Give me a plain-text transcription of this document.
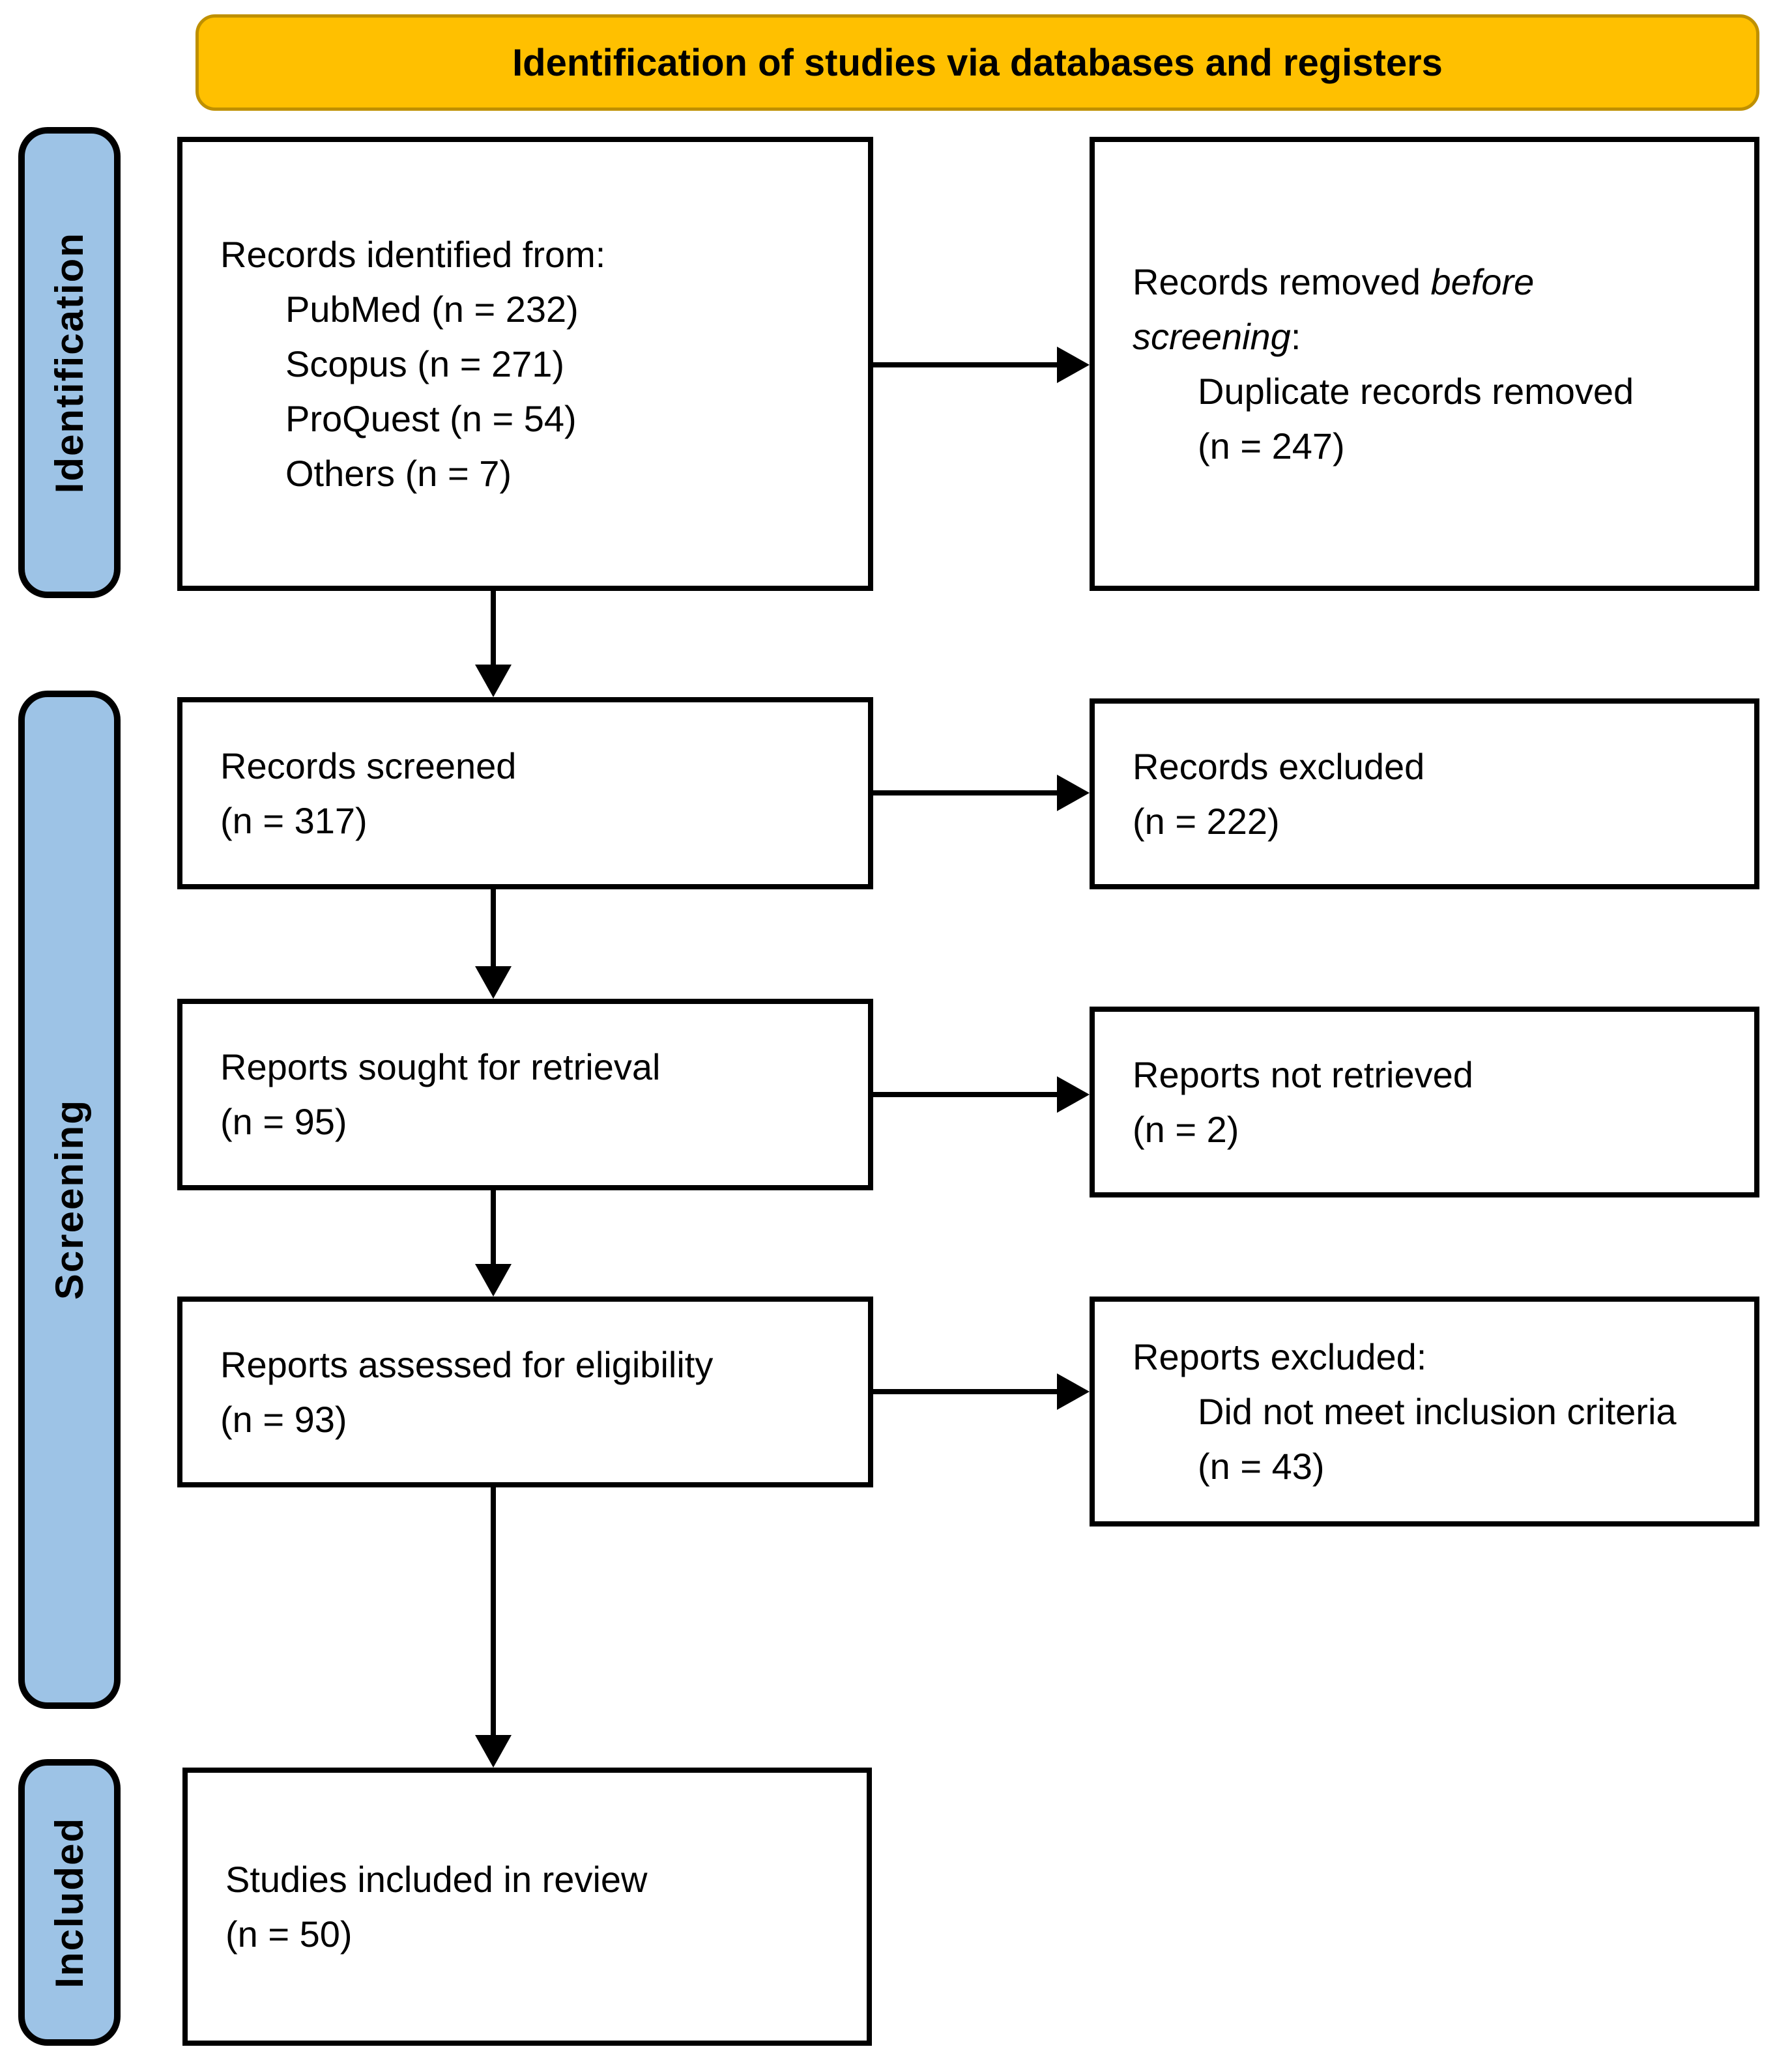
Identification of studies via databases and registers
Identification
Screening
Included
Records identified from:
PubMed (n = 232)
Scopus (n = 271)
ProQuest (n = 54)
Others (n = 7)
Records removed before
screening:
Duplicate records removed
(n = 247)
Records screened
(n = 317)
Records excluded
(n = 222)
Reports sought for retrieval
(n = 95)
Reports not retrieved
(n = 2)
Reports assessed for eligibility
(n = 93)
Reports excluded:
Did not meet inclusion criteria
(n = 43)
Studies included in review
(n = 50)
